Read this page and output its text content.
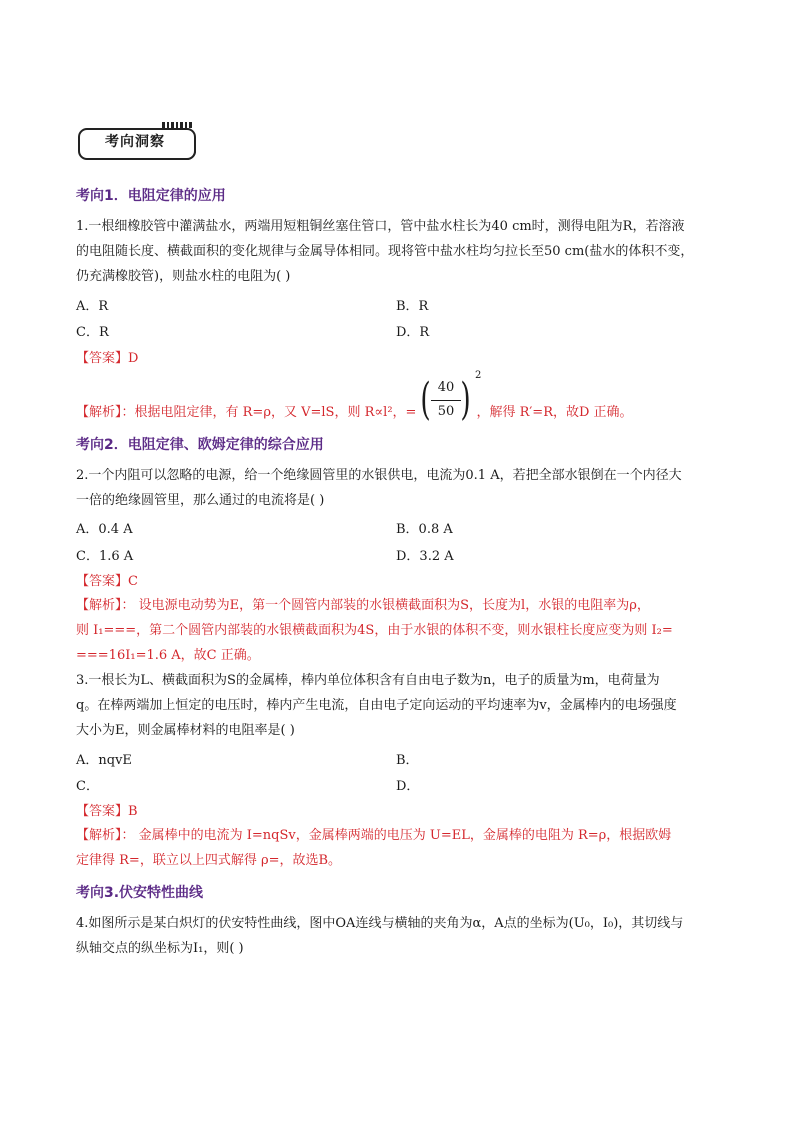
考向洞察
考向1．电阻定律的应用
1.一根细橡胶管中灌满盐水，两端用短粗铜丝塞住管口，管中盐水柱长为40 cm时，测得电阻为R，若溶液
的电阻随长度、横截面积的变化规律与金属导体相同。现将管中盐水柱均匀拉长至50 cm(盐水的体积不变，
仍充满橡胶管)，则盐水柱的电阻为( )
A．R	B．R
C．R	D．R
【答案】D
【解析】：根据电阻定律，有 R=ρ，又 V=lS，则 R∝l²，=	，解得 R′=R，故D 正确。
( 40
50 ) 2
考向2．电阻定律、欧姆定律的综合应用
2.一个内阻可以忽略的电源，给一个绝缘圆管里的水银供电，电流为0.1 A，若把全部水银倒在一个内径大
一倍的绝缘圆管里，那么通过的电流将是( )
A．0.4 A	B．0.8 A
C．1.6 A	D．3.2 A
【答案】C
【解析】： 设电源电动势为E，第一个圆管内部装的水银横截面积为S，长度为l，水银的电阻率为ρ，
则 I₁===，第二个圆管内部装的水银横截面积为4S，由于水银的体积不变，则水银柱长度应变为则 I₂=
===16I₁=1.6 A，故C 正确。
3.一根长为L、横截面积为S的金属棒，棒内单位体积含有自由电子数为n，电子的质量为m，电荷量为
q。在棒两端加上恒定的电压时，棒内产生电流，自由电子定向运动的平均速率为v，金属棒内的电场强度
大小为E，则金属棒材料的电阻率是( )
A．nqvE	B．
C．	D．
【答案】B
【解析】： 金属棒中的电流为 I=nqSv，金属棒两端的电压为 U=EL，金属棒的电阻为 R=ρ，根据欧姆
定律得 R=，联立以上四式解得 ρ=，故选B。
考向3.伏安特性曲线
4.如图所示是某白炽灯的伏安特性曲线，图中OA连线与横轴的夹角为α，A点的坐标为(U₀，I₀)，其切线与
纵轴交点的纵坐标为I₁，则( )
